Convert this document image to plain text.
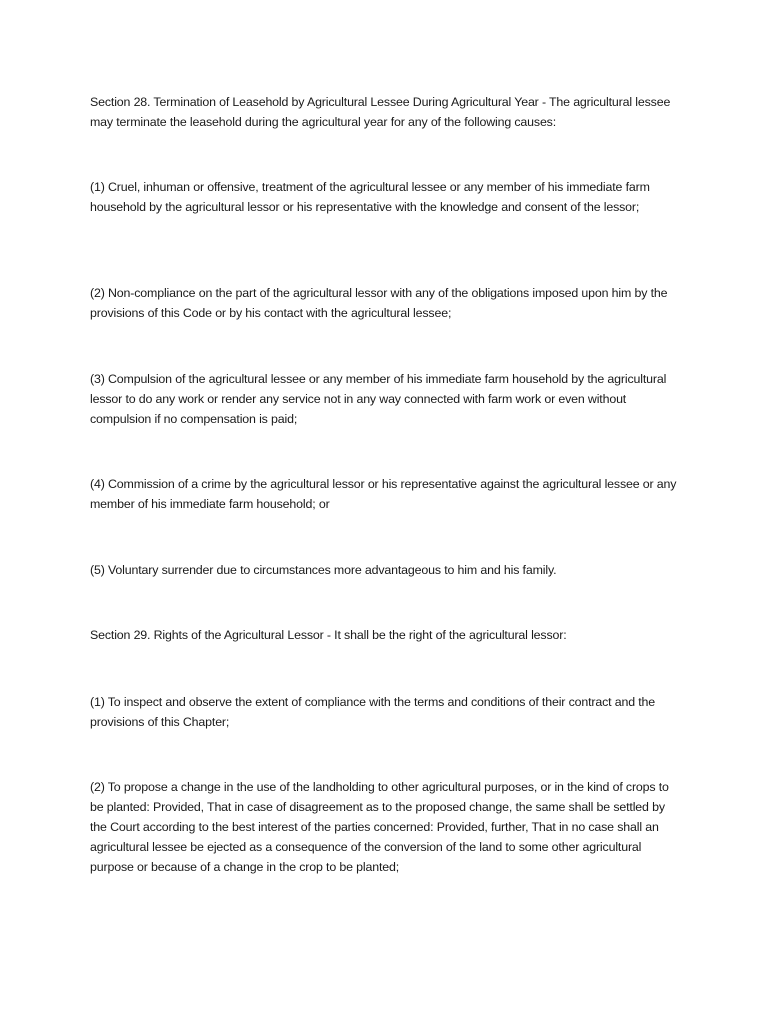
Section 28. Termination of Leasehold by Agricultural Lessee During Agricultural Year - The agricultural lessee may terminate the leasehold during the agricultural year for any of the following causes:

(1) Cruel, inhuman or offensive, treatment of the agricultural lessee or any member of his immediate farm household by the agricultural lessor or his representative with the knowledge and consent of the lessor;

(2) Non-compliance on the part of the agricultural lessor with any of the obligations imposed upon him by the provisions of this Code or by his contact with the agricultural lessee;

(3) Compulsion of the agricultural lessee or any member of his immediate farm household by the agricultural lessor to do any work or render any service not in any way connected with farm work or even without compulsion if no compensation is paid;

(4) Commission of a crime by the agricultural lessor or his representative against the agricultural lessee or any member of his immediate farm household; or

(5) Voluntary surrender due to circumstances more advantageous to him and his family.

Section 29. Rights of the Agricultural Lessor - It shall be the right of the agricultural lessor:

(1) To inspect and observe the extent of compliance with the terms and conditions of their contract and the provisions of this Chapter;

(2) To propose a change in the use of the landholding to other agricultural purposes, or in the kind of crops to be planted: Provided, That in case of disagreement as to the proposed change, the same shall be settled by the Court according to the best interest of the parties concerned: Provided, further, That in no case shall an agricultural lessee be ejected as a consequence of the conversion of the land to some other agricultural purpose or because of a change in the crop to be planted;
